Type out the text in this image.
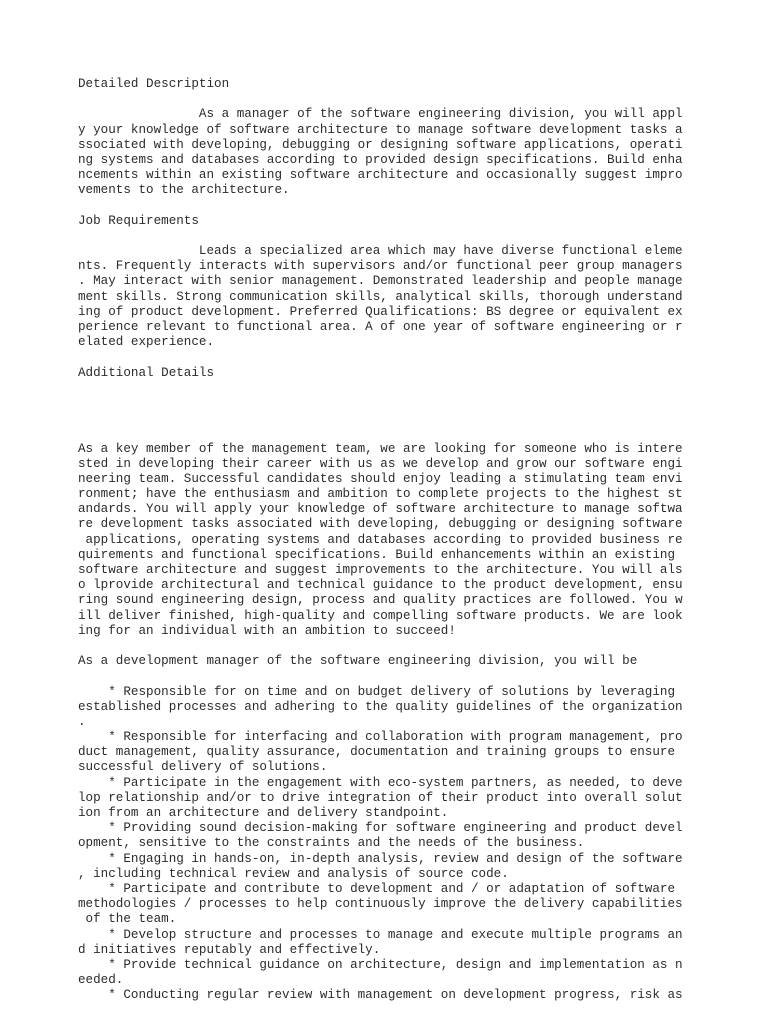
Detailed Description
As a manager of the software engineering division, you will appl
y your knowledge of software architecture to manage software development tasks a
ssociated with developing, debugging or designing software applications, operati
ng systems and databases according to provided design specifications. Build enha
ncements within an existing software architecture and occasionally suggest impro
vements to the architecture.
Job Requirements
Leads a specialized area which may have diverse functional eleme
nts. Frequently interacts with supervisors and/or functional peer group managers
. May interact with senior management. Demonstrated leadership and people manage
ment skills. Strong communication skills, analytical skills, thorough understand
ing of product development. Preferred Qualifications: BS degree or equivalent ex
perience relevant to functional area. A of one year of software engineering or r
elated experience.
Additional Details
As a key member of the management team, we are looking for someone who is intere
sted in developing their career with us as we develop and grow our software engi
neering team. Successful candidates should enjoy leading a stimulating team envi
ronment; have the enthusiasm and ambition to complete projects to the highest st
andards. You will apply your knowledge of software architecture to manage softwa
re development tasks associated with developing, debugging or designing software
applications, operating systems and databases according to provided business re
quirements and functional specifications. Build enhancements within an existing
software architecture and suggest improvements to the architecture. You will als
o lprovide architectural and technical guidance to the product development, ensu
ring sound engineering design, process and quality practices are followed. You w
ill deliver finished, high-quality and compelling software products. We are look
ing for an individual with an ambition to succeed!
As a development manager of the software engineering division, you will be
* Responsible for on time and on budget delivery of solutions by leveraging
established processes and adhering to the quality guidelines of the organization
.
* Responsible for interfacing and collaboration with program management, pro
duct management, quality assurance, documentation and training groups to ensure
successful delivery of solutions.
* Participate in the engagement with eco-system partners, as needed, to deve
lop relationship and/or to drive integration of their product into overall solut
ion from an architecture and delivery standpoint.
* Providing sound decision-making for software engineering and product devel
opment, sensitive to the constraints and the needs of the business.
* Engaging in hands-on, in-depth analysis, review and design of the software
, including technical review and analysis of source code.
* Participate and contribute to development and / or adaptation of software
methodologies / processes to help continuously improve the delivery capabilities
of the team.
* Develop structure and processes to manage and execute multiple programs an
d initiatives reputably and effectively.
* Provide technical guidance on architecture, design and implementation as n
eeded.
* Conducting regular review with management on development progress, risk as
